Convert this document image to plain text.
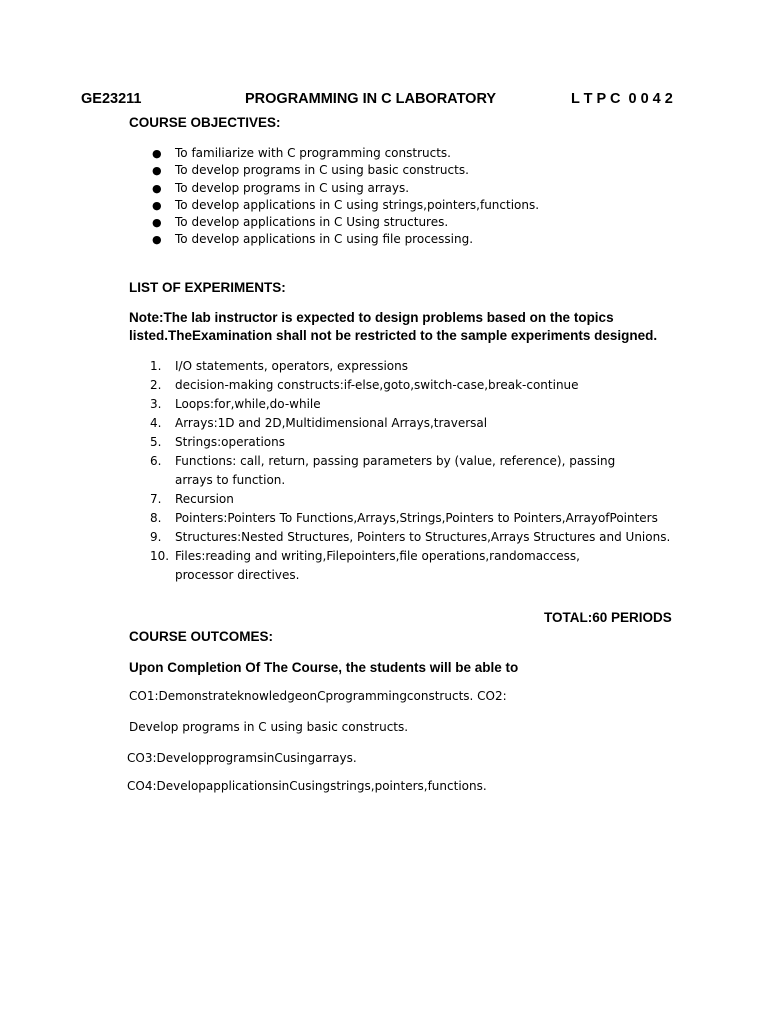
GE23211	PROGRAMMING IN C LABORATORY	L T P C  0 0 4 2
COURSE OBJECTIVES:
● To familiarize with C programming constructs.
● To develop programs in C using basic constructs.
● To develop programs in C using arrays.
● To develop applications in C using strings,pointers,functions.
● To develop applications in C Using structures.
● To develop applications in C using file processing.
LIST OF EXPERIMENTS:
Note:The lab instructor is expected to design problems based on the topics
listed.TheExamination shall not be restricted to the sample experiments designed.
1.	I/O statements, operators, expressions
2.	decision-making constructs:if-else,goto,switch-case,break-continue
3.	Loops:for,while,do-while
4.	Arrays:1D and 2D,Multidimensional Arrays,traversal
5.	Strings:operations
6.	Functions: call, return, passing parameters by (value, reference), passing
arrays to function.
7.	Recursion
8.	Pointers:Pointers To Functions,Arrays,Strings,Pointers to Pointers,ArrayofPointers
9.	Structures:Nested Structures, Pointers to Structures,Arrays Structures and Unions.
10. Files:reading and writing,Filepointers,file operations,randomaccess,
processor directives.
TOTAL:60 PERIODS
COURSE OUTCOMES:
Upon Completion Of The Course, the students will be able to
CO1:DemonstrateknowledgeonCprogrammingconstructs. CO2:
Develop programs in C using basic constructs.
CO3:DevelopprogramsinCusingarrays.
CO4:DevelopapplicationsinCusingstrings,pointers,functions.
